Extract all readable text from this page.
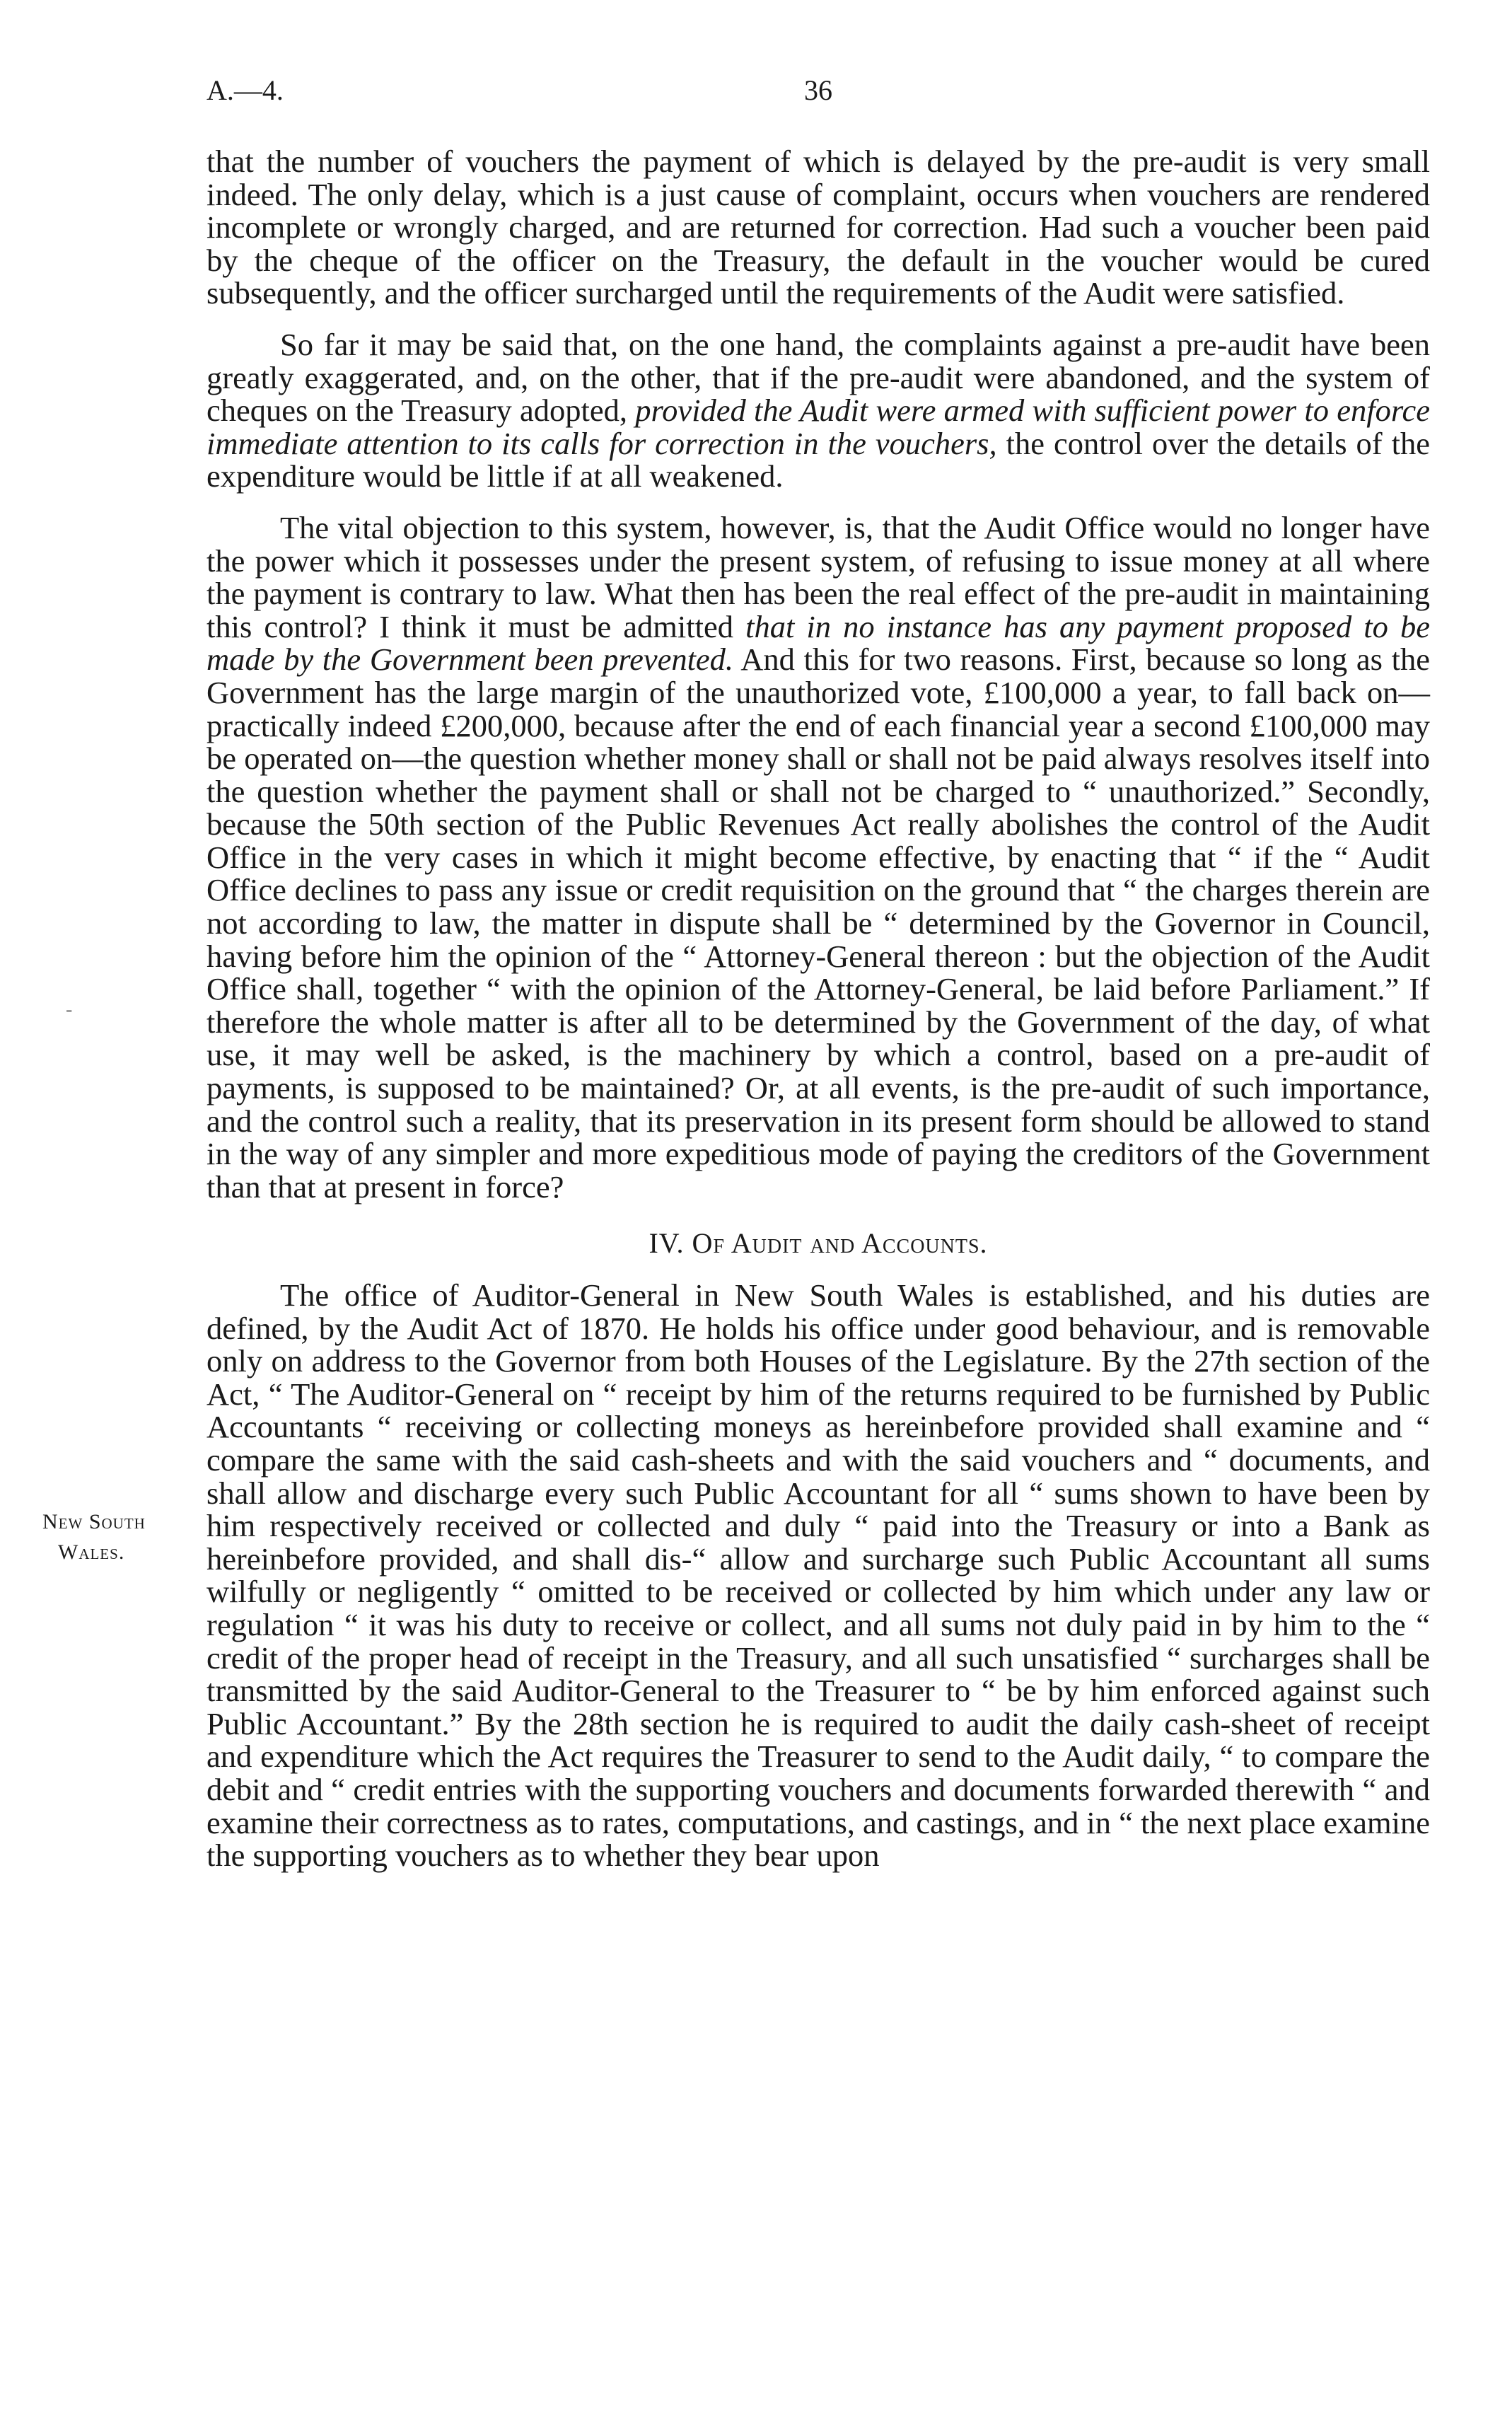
A.—4.	36
New South
Wales.
-

that the number of vouchers the payment of which is delayed by the pre-audit is very small indeed. The only delay, which is a just cause of complaint, occurs when vouchers are rendered incomplete or wrongly charged, and are returned for correction. Had such a voucher been paid by the cheque of the officer on the Treasury, the default in the voucher would be cured subsequently, and the officer surcharged until the requirements of the Audit were satisfied.

So far it may be said that, on the one hand, the complaints against a pre-audit have been greatly exaggerated, and, on the other, that if the pre-audit were abandoned, and the system of cheques on the Treasury adopted, provided the Audit were armed with sufficient power to enforce immediate attention to its calls for correction in the vouchers, the control over the details of the expenditure would be little if at all weakened.

The vital objection to this system, however, is, that the Audit Office would no longer have the power which it possesses under the present system, of refusing to issue money at all where the payment is contrary to law. What then has been the real effect of the pre-audit in maintaining this control? I think it must be admitted that in no instance has any payment proposed to be made by the Government been prevented. And this for two reasons. First, because so long as the Government has the large margin of the unauthorized vote, £100,000 a year, to fall back on—practically indeed £200,000, because after the end of each financial year a second £100,000 may be operated on—the question whether money shall or shall not be paid always resolves itself into the question whether the payment shall or shall not be charged to “ unauthorized.” Secondly, because the 50th section of the Public Revenues Act really abolishes the control of the Audit Office in the very cases in which it might become effective, by enacting that “ if the “ Audit Office declines to pass any issue or credit requisition on the ground that “ the charges therein are not according to law, the matter in dispute shall be “ determined by the Governor in Council, having before him the opinion of the “ Attorney-General thereon : but the objection of the Audit Office shall, together “ with the opinion of the Attorney-General, be laid before Parliament.” If therefore the whole matter is after all to be determined by the Government of the day, of what use, it may well be asked, is the machinery by which a control, based on a pre-audit of payments, is supposed to be maintained? Or, at all events, is the pre-audit of such importance, and the control such a reality, that its preservation in its present form should be allowed to stand in the way of any simpler and more expeditious mode of paying the creditors of the Government than that at present in force?

IV. Of Audit and Accounts.

The office of Auditor-General in New South Wales is established, and his duties are defined, by the Audit Act of 1870. He holds his office under good behaviour, and is removable only on address to the Governor from both Houses of the Legislature. By the 27th section of the Act, “ The Auditor-General on “ receipt by him of the returns required to be furnished by Public Accountants “ receiving or collecting moneys as hereinbefore provided shall examine and “ compare the same with the said cash-sheets and with the said vouchers and “ documents, and shall allow and discharge every such Public Accountant for all “ sums shown to have been by him respectively received or collected and duly “ paid into the Treasury or into a Bank as hereinbefore provided, and shall dis-“ allow and surcharge such Public Accountant all sums wilfully or negligently “ omitted to be received or collected by him which under any law or regulation “ it was his duty to receive or collect, and all sums not duly paid in by him to the “ credit of the proper head of receipt in the Treasury, and all such unsatisfied “ surcharges shall be transmitted by the said Auditor-General to the Treasurer to “ be by him enforced against such Public Accountant.” By the 28th section he is required to audit the daily cash-sheet of receipt and expenditure which the Act requires the Treasurer to send to the Audit daily, “ to compare the debit and “ credit entries with the supporting vouchers and documents forwarded therewith “ and examine their correctness as to rates, computations, and castings, and in “ the next place examine the supporting vouchers as to whether they bear upon
